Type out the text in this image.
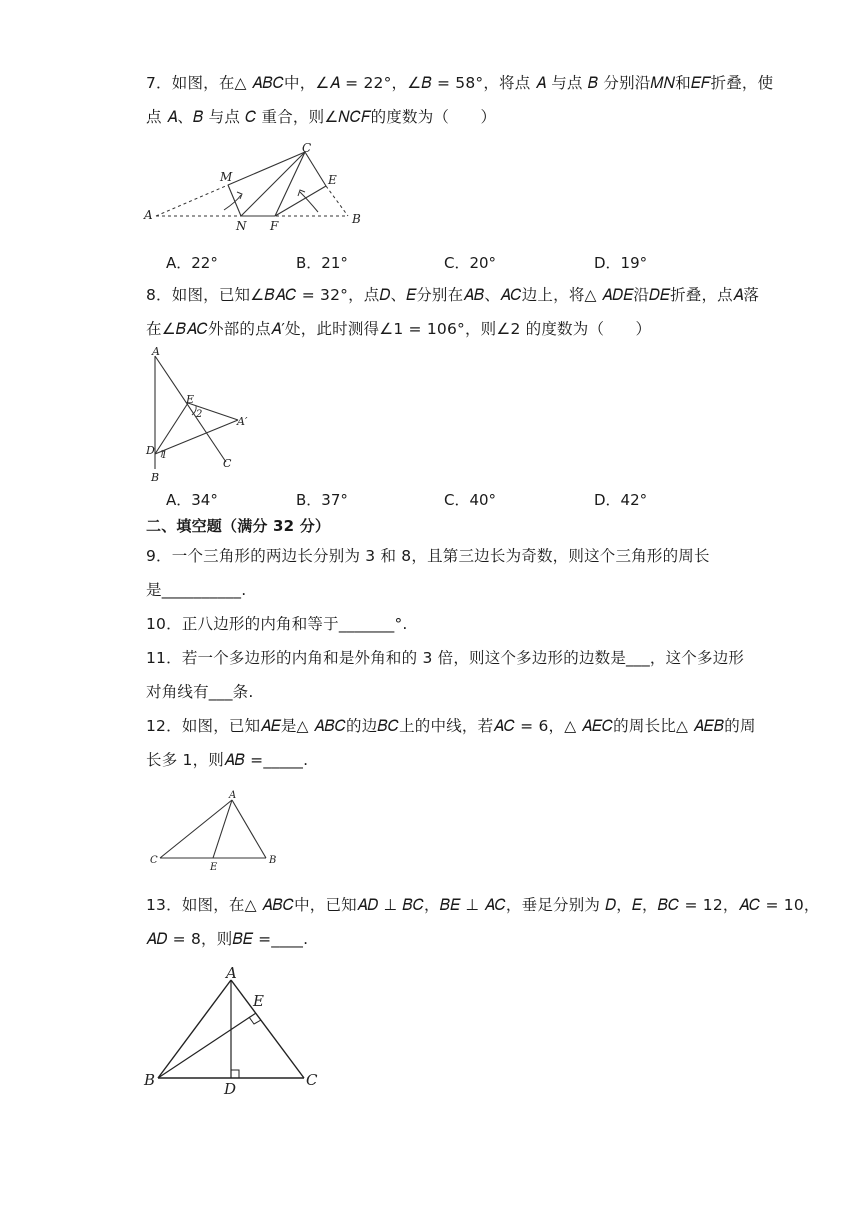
7．如图，在△ 𝐴𝐵𝐶中，∠𝐴 = 22°，∠𝐵 = 58°，将点 𝐴 与点 𝐵 分别沿𝑀𝑁和𝐸𝐹折叠，使
点 𝐴、𝐵 与点 𝐶 重合，则∠𝑁𝐶𝐹的度数为（　　）
A	B
C
M
N F
E
A．22°	B．21°	C．20°	D．19°
8．如图，已知∠𝐵𝐴𝐶 = 32°，点𝐷、𝐸分别在𝐴𝐵、𝐴𝐶边上，将△ 𝐴𝐷𝐸沿𝐷𝐸折叠，点𝐴落
在∠𝐵𝐴𝐶外部的点𝐴′处，此时测得∠1 = 106°，则∠2 的度数为（　　）
A
E
2
A′
D 1
C
B
A．34°	B．37°	C．40°	D．42°
二、填空题（满分 32 分）
9．一个三角形的两边长分别为 3 和 8，且第三边长为奇数，则这个三角形的周长
是__________.
10．正八边形的内角和等于_______°.
11．若一个多边形的内角和是外角和的 3 倍，则这个多边形的边数是___，这个多边形
对角线有___条.
12．如图，已知𝐴𝐸是△ 𝐴𝐵𝐶的边𝐵𝐶上的中线，若𝐴𝐶 = 6，△ 𝐴𝐸𝐶的周长比△ 𝐴𝐸𝐵的周
长多 1，则𝐴𝐵 =_____.
A
C
E
B
13．如图，在△ 𝐴𝐵𝐶中，已知𝐴𝐷 ⊥ 𝐵𝐶，𝐵𝐸 ⊥ 𝐴𝐶，垂足分别为 𝐷，𝐸，𝐵𝐶 = 12，𝐴𝐶 = 10，
𝐴𝐷 = 8，则𝐵𝐸 =____.
A
E
B	D	C
